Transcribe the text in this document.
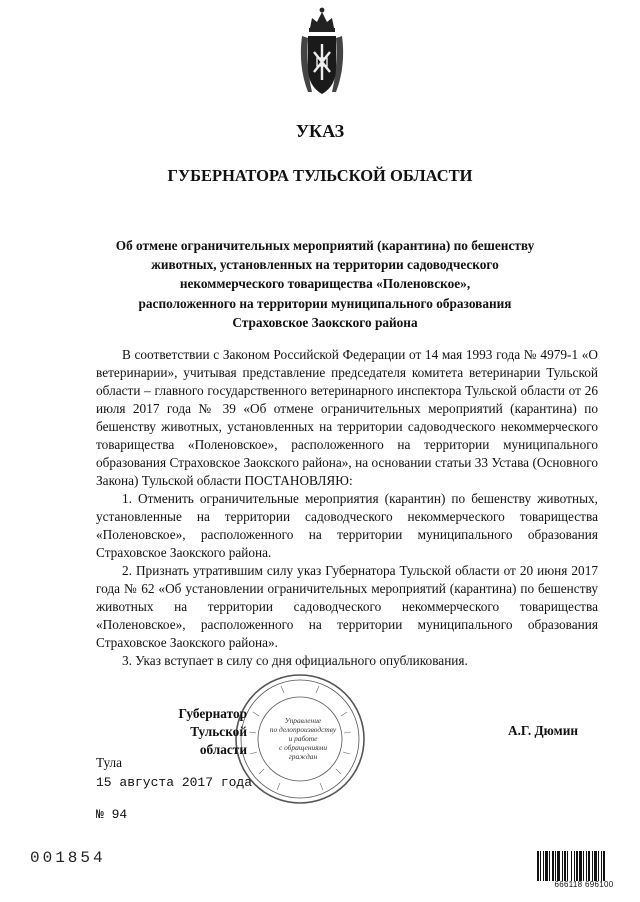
УКАЗ
ГУБЕРНАТОРА ТУЛЬСКОЙ ОБЛАСТИ
Об отмене ограничительных мероприятий (карантина) по бешенству
животных, установленных на территории садоводческого
некоммерческого товарищества «Поленовское»,
расположенного на территории муниципального образования
Страховское Заокского района

В соответствии с Законом Российской Федерации от 14 мая 1993 года № 4979-1 «О ветеринарии», учитывая представление председателя комитета ветеринарии Тульской области – главного государственного ветеринарного инспектора Тульской области от 26 июля 2017 года № 39 «Об отмене ограничительных мероприятий (карантина) по бешенству животных, установленных на территории садоводческого некоммерческого товарищества «Поленовское», расположенного на территории муниципального образования Страховское Заокского района», на основании статьи 33 Устава (Основного Закона) Тульской области ПОСТАНОВЛЯЮ:

1. Отменить ограничительные мероприятия (карантин) по бешенству животных, установленные на территории садоводческого некоммерческого товарищества «Поленовское», расположенного на территории муниципального образования Страховское Заокского района.

2. Признать утратившим силу указ Губернатора Тульской области от 20 июня 2017 года № 62 «Об установлении ограничительных мероприятий (карантина) по бешенству животных на территории садоводческого некоммерческого товарищества «Поленовское», расположенного на территории муниципального образования Страховское Заокского района».

3. Указ вступает в силу со дня официального опубликования.

Управление
по делопроизводству
и работе
с обращениями
граждан
Губернатор
Тульской области
А.Г. Дюмин
Тула
15 августа 2017 года
№ 94
001854
666118 696100
